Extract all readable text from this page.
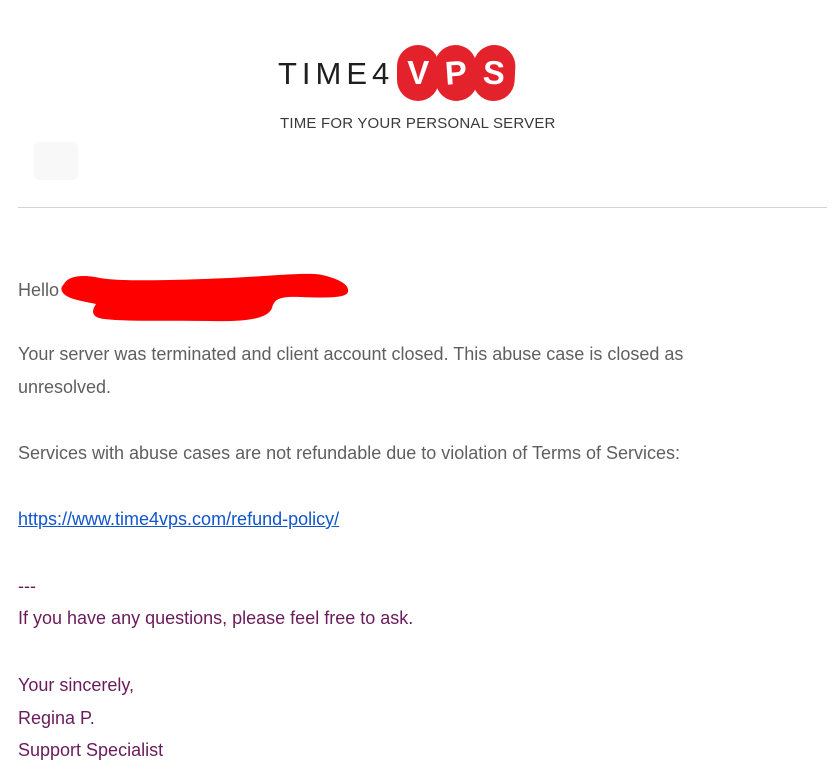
TIME4 V P S
TIME FOR YOUR PERSONAL SERVER
Hello
Your server was terminated and client account closed. This abuse case is closed as unresolved.
Services with abuse cases are not refundable due to violation of Terms of Services:
https://www.time4vps.com/refund-policy/
---
If you have any questions, please feel free to ask.
Your sincerely,
Regina P.
Support Specialist
